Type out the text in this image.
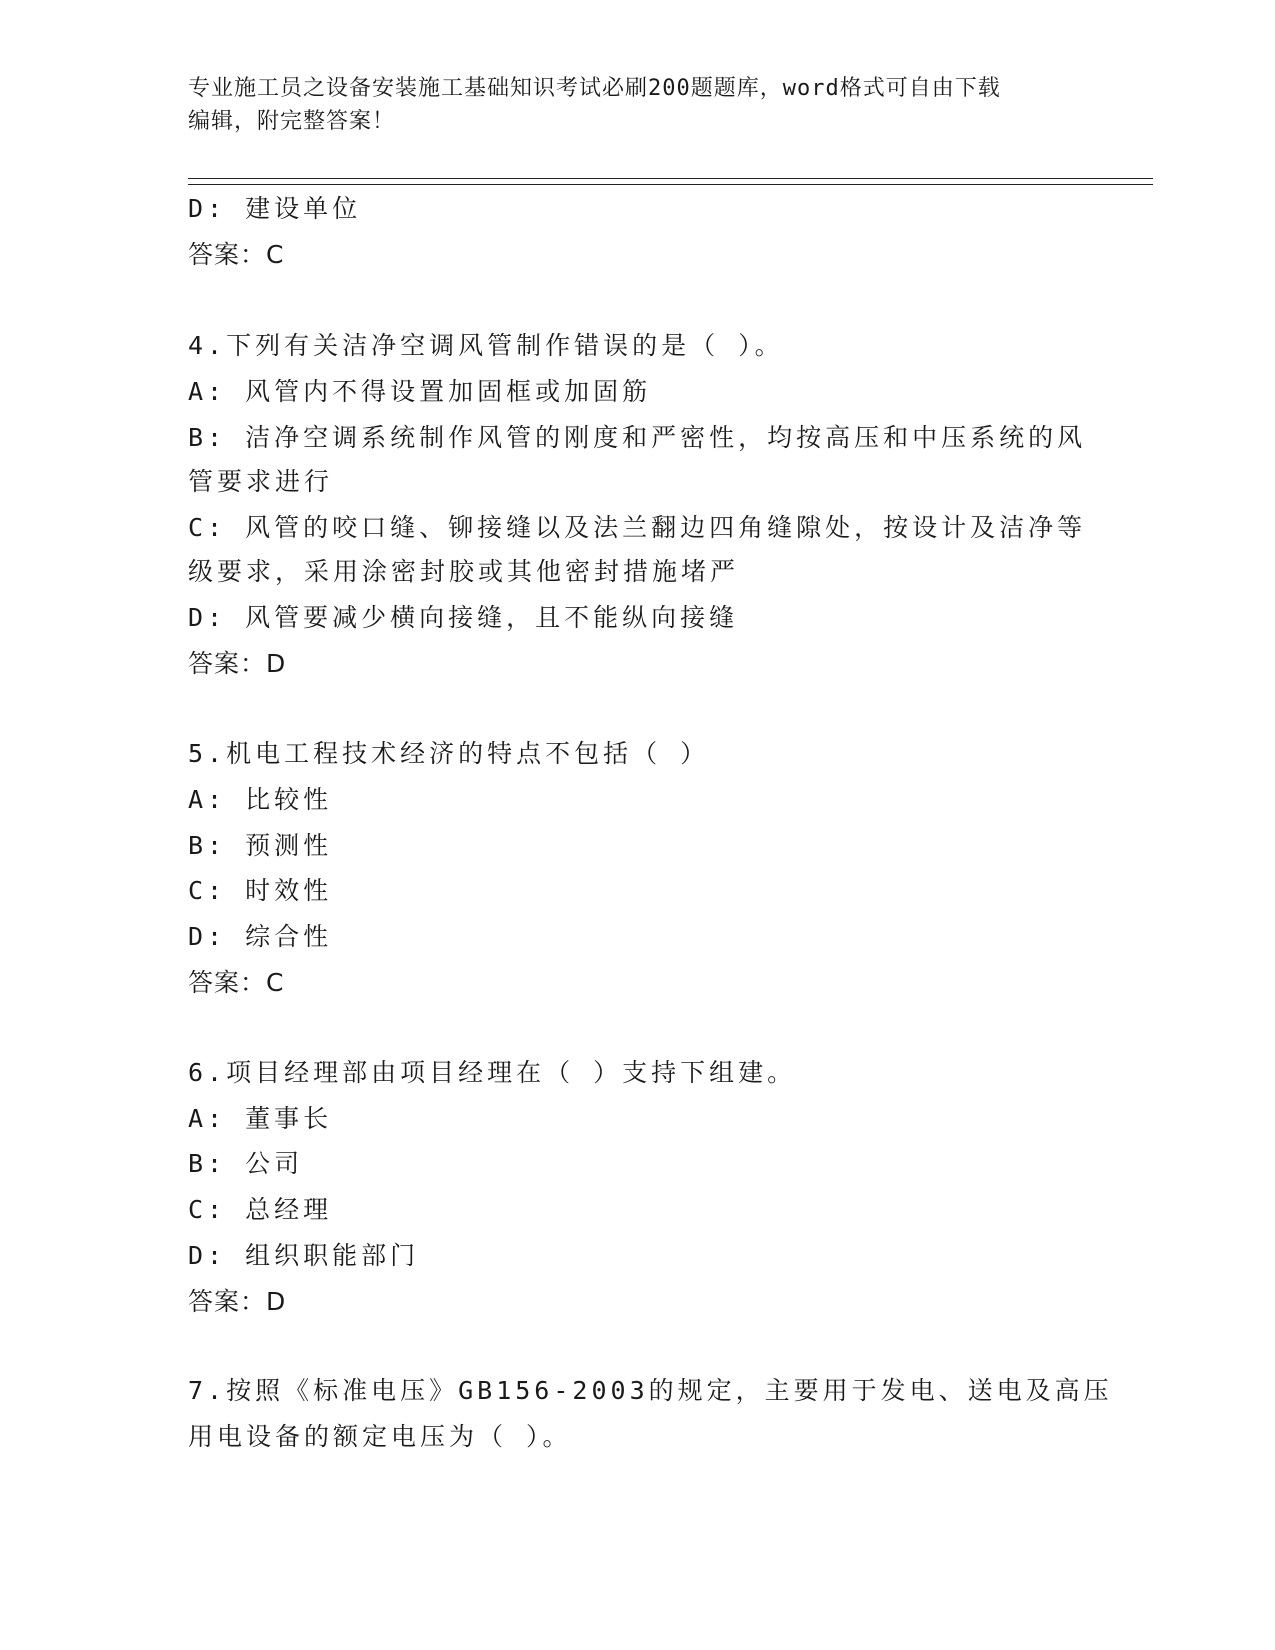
专业施工员之设备安装施工基础知识考试必刷200题题库，word格式可自由下载
编辑，附完整答案！
D: 建设单位
答案：C
4.下列有关洁净空调风管制作错误的是（ ）。
A: 风管内不得设置加固框或加固筋
B: 洁净空调系统制作风管的刚度和严密性，均按高压和中压系统的风
管要求进行
C: 风管的咬口缝、铆接缝以及法兰翻边四角缝隙处，按设计及洁净等
级要求，采用涂密封胶或其他密封措施堵严
D: 风管要减少横向接缝，且不能纵向接缝
答案：D
5.机电工程技术经济的特点不包括（ ）
A: 比较性
B: 预测性
C: 时效性
D: 综合性
答案：C
6.项目经理部由项目经理在（ ）支持下组建。
A: 董事长
B: 公司
C: 总经理
D: 组织职能部门
答案：D
7.按照《标准电压》GB156-2003的规定，主要用于发电、送电及高压
用电设备的额定电压为（ ）。
